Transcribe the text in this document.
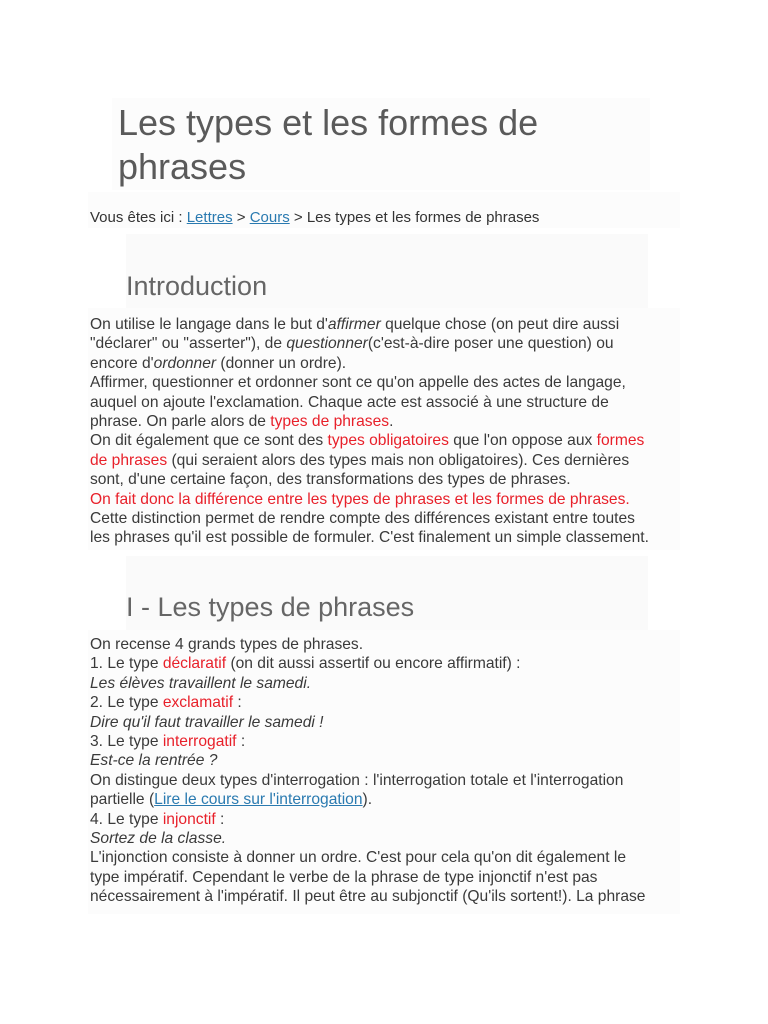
Les types et les formes de
phrases
Vous êtes ici : Lettres > Cours > Les types et les formes de phrases
Introduction
On utilise le langage dans le but d'affirmer quelque chose (on peut dire aussi
"déclarer" ou "asserter"), de questionner(c'est-à-dire poser une question) ou
encore d'ordonner (donner un ordre).
Affirmer, questionner et ordonner sont ce qu'on appelle des actes de langage,
auquel on ajoute l'exclamation. Chaque acte est associé à une structure de
phrase. On parle alors de types de phrases.
On dit également que ce sont des types obligatoires que l'on oppose aux formes
de phrases (qui seraient alors des types mais non obligatoires). Ces dernières
sont, d'une certaine façon, des transformations des types de phrases.
On fait donc la différence entre les types de phrases et les formes de phrases.
Cette distinction permet de rendre compte des différences existant entre toutes
les phrases qu'il est possible de formuler. C'est finalement un simple classement.
I - Les types de phrases
On recense 4 grands types de phrases.
1. Le type déclaratif (on dit aussi assertif ou encore affirmatif) :
Les élèves travaillent le samedi.
2. Le type exclamatif :
Dire qu'il faut travailler le samedi !
3. Le type interrogatif :
Est-ce la rentrée ?
On distingue deux types d'interrogation : l'interrogation totale et l'interrogation
partielle (Lire le cours sur l'interrogation).
4. Le type injonctif :
Sortez de la classe.
L'injonction consiste à donner un ordre. C'est pour cela qu'on dit également le
type impératif. Cependant le verbe de la phrase de type injonctif n'est pas
nécessairement à l'impératif. Il peut être au subjonctif (Qu'ils sortent!). La phrase
